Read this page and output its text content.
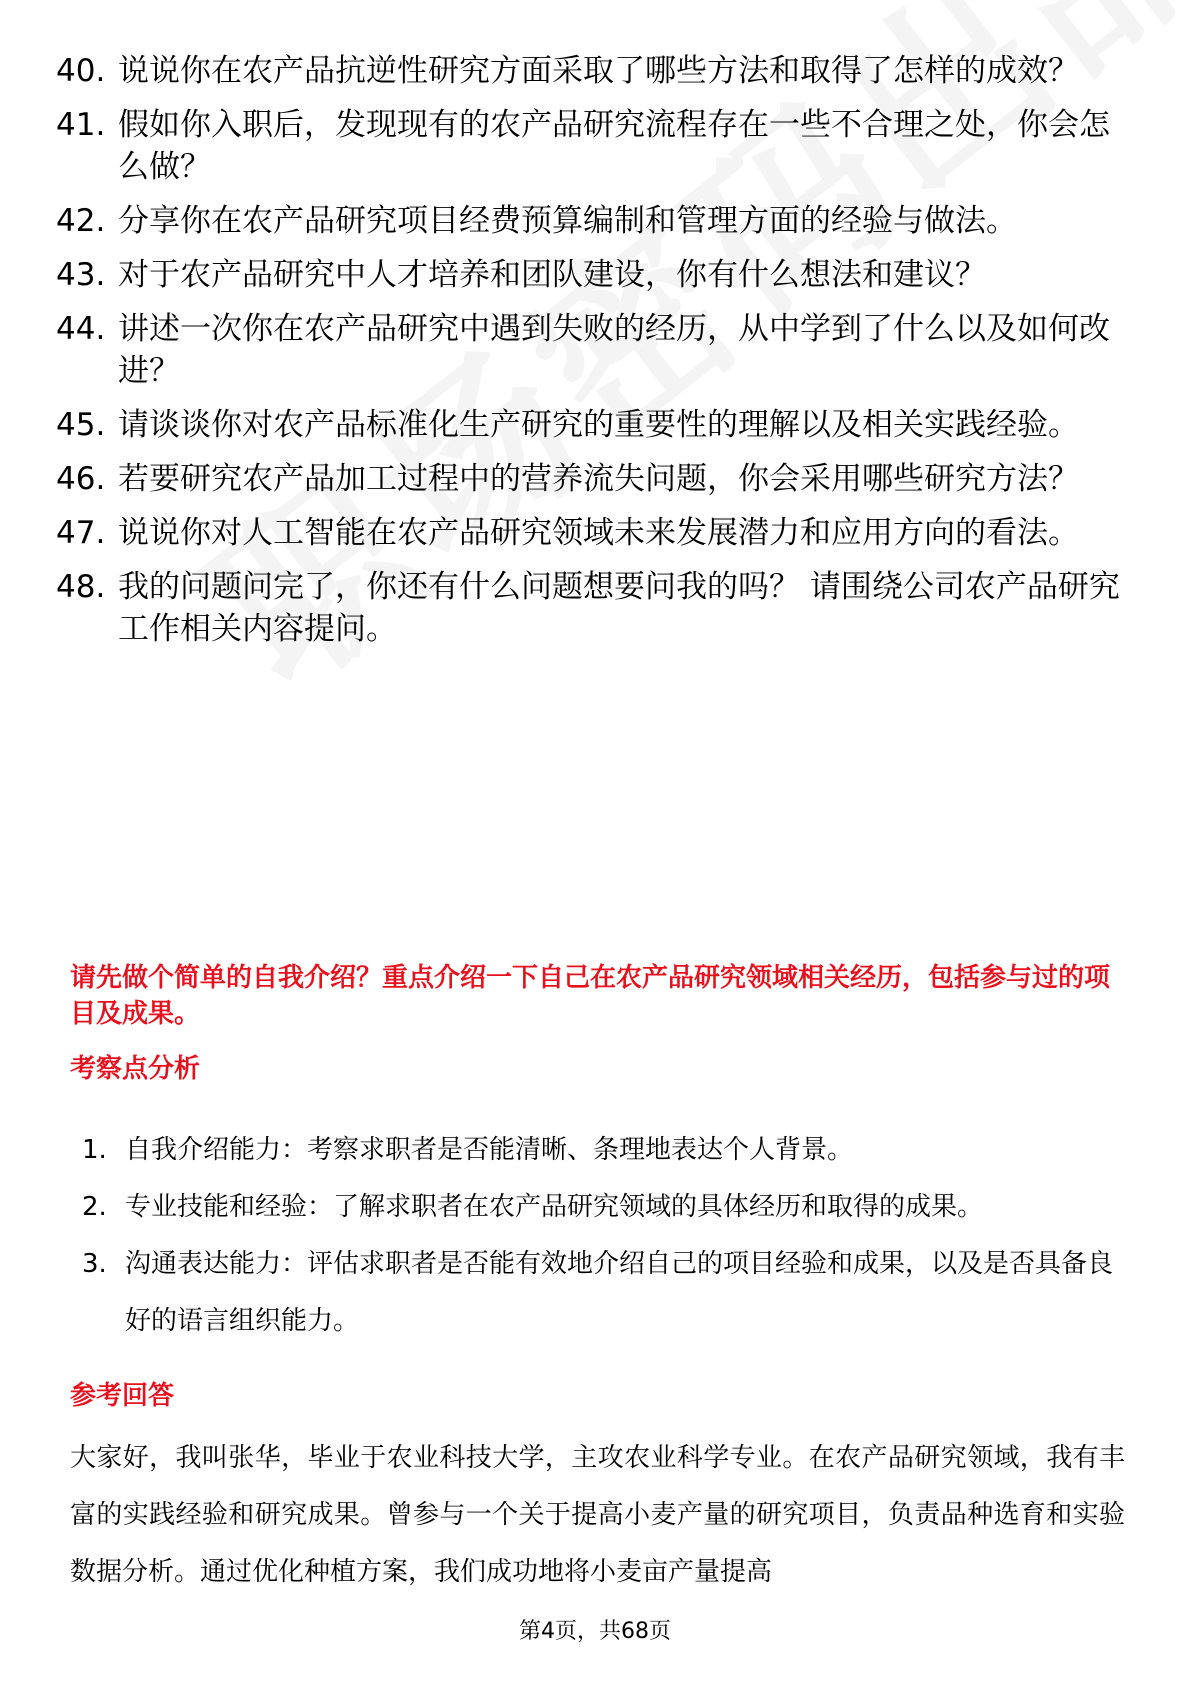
40. 说说你在农产品抗逆性研究方面采取了哪些方法和取得了怎样的成效？
41. 假如你入职后，发现现有的农产品研究流程存在一些不合理之处，你会怎么做？
42. 分享你在农产品研究项目经费预算编制和管理方面的经验与做法。
43. 对于农产品研究中人才培养和团队建设，你有什么想法和建议？
44. 讲述一次你在农产品研究中遇到失败的经历，从中学到了什么以及如何改进？
45. 请谈谈你对农产品标准化生产研究的重要性的理解以及相关实践经验。
46. 若要研究农产品加工过程中的营养流失问题，你会采用哪些研究方法？
47. 说说你对人工智能在农产品研究领域未来发展潜力和应用方向的看法。
48. 我的问题问完了，你还有什么问题想要问我的吗？ 请围绕公司农产品研究工作相关内容提问。

请先做个简单的自我介绍？重点介绍一下自己在农产品研究领域相关经历，包括参与过的项目及成果。

考察点分析
1. 自我介绍能力：考察求职者是否能清晰、条理地表达个人背景。
2. 专业技能和经验：了解求职者在农产品研究领域的具体经历和取得的成果。
3. 沟通表达能力：评估求职者是否能有效地介绍自己的项目经验和成果，以及是否具备良好的语言组织能力。
参考回答

大家好，我叫张华，毕业于农业科技大学，主攻农业科学专业。在农产品研究领域，我有丰富的实践经验和研究成果。曾参与一个关于提高小麦产量的研究项目，负责品种选育和实验数据分析。通过优化种植方案，我们成功地将小麦亩产量提高

第4页，共68页
